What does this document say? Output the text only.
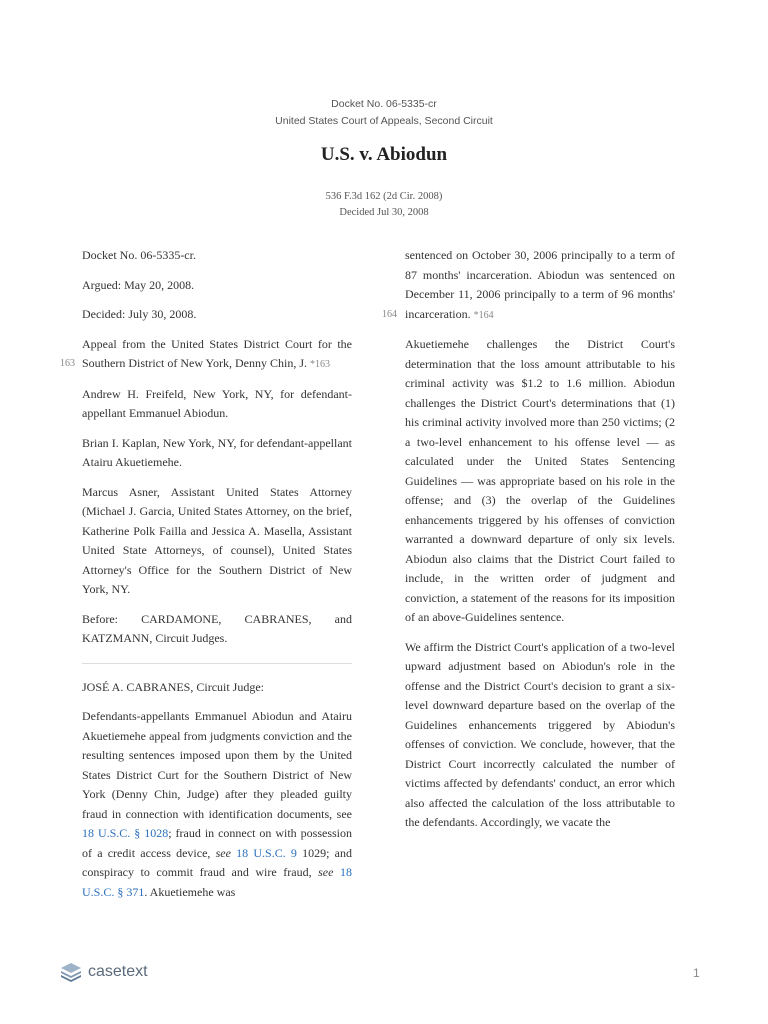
Docket No. 06-5335-cr
United States Court of Appeals, Second Circuit
U.S. v. Abiodun
536 F.3d 162 (2d Cir. 2008)
Decided Jul 30, 2008

Docket No. 06-5335-cr.

Argued: May 20, 2008.

Decided: July 30, 2008.

Appeal from the United States District Court for the Southern District of New York, Denny Chin, J. *163
163

Andrew H. Freifeld, New York, NY, for defendant-appellant Emmanuel Abiodun.

Brian I. Kaplan, New York, NY, for defendant-appellant Atairu Akuetiemehe.

Marcus Asner, Assistant United States Attorney (Michael J. Garcia, United States Attorney, on the brief, Katherine Polk Failla and Jessica A. Masella, Assistant United State Attorneys, of counsel), United States Attorney's Office for the Southern District of New York, NY.

Before: CARDAMONE, CABRANES, and KATZMANN, Circuit Judges.

JOSÉ A. CABRANES, Circuit Judge:

Defendants-appellants Emmanuel Abiodun and Atairu Akuetiemehe appeal from judgments conviction and the resulting sentences imposed upon them by the United States District Curt for the Southern District of New York (Denny Chin, Judge) after they pleaded guilty fraud in connection with identification documents, see 18 U.S.C. § 1028; fraud in connect on with possession of a credit access device, see 18 U.S.C. 9 1029; and conspiracy to commit fraud and wire fraud, see 18 U.S.C. § 371. Akuetiemehe was

sentenced on October 30, 2006 principally to a term of 87 months' incarceration. Abiodun was sentenced on December 11, 2006 principally to a term of 96 months' incarceration. *164
164

Akuetiemehe challenges the District Court's determination that the loss amount attributable to his criminal activity was $1.2 to 1.6 million. Abiodun challenges the District Court's determinations that (1) his criminal activity involved more than 250 victims; (2 a two-level enhancement to his offense level — as calculated under the United States Sentencing Guidelines — was appropriate based on his role in the offense; and (3) the overlap of the Guidelines enhancements triggered by his offenses of conviction warranted a downward departure of only six levels. Abiodun also claims that the District Court failed to include, in the written order of judgment and conviction, a statement of the reasons for its imposition of an above-Guidelines sentence.

We affirm the District Court's application of a two-level upward adjustment based on Abiodun's role in the offense and the District Court's decision to grant a six-level downward departure based on the overlap of the Guidelines enhancements triggered by Abiodun's offenses of conviction. We conclude, however, that the District Court incorrectly calculated the number of victims affected by defendants' conduct, an error which also affected the calculation of the loss attributable to the defendants. Accordingly, we vacate the

casetext	1
